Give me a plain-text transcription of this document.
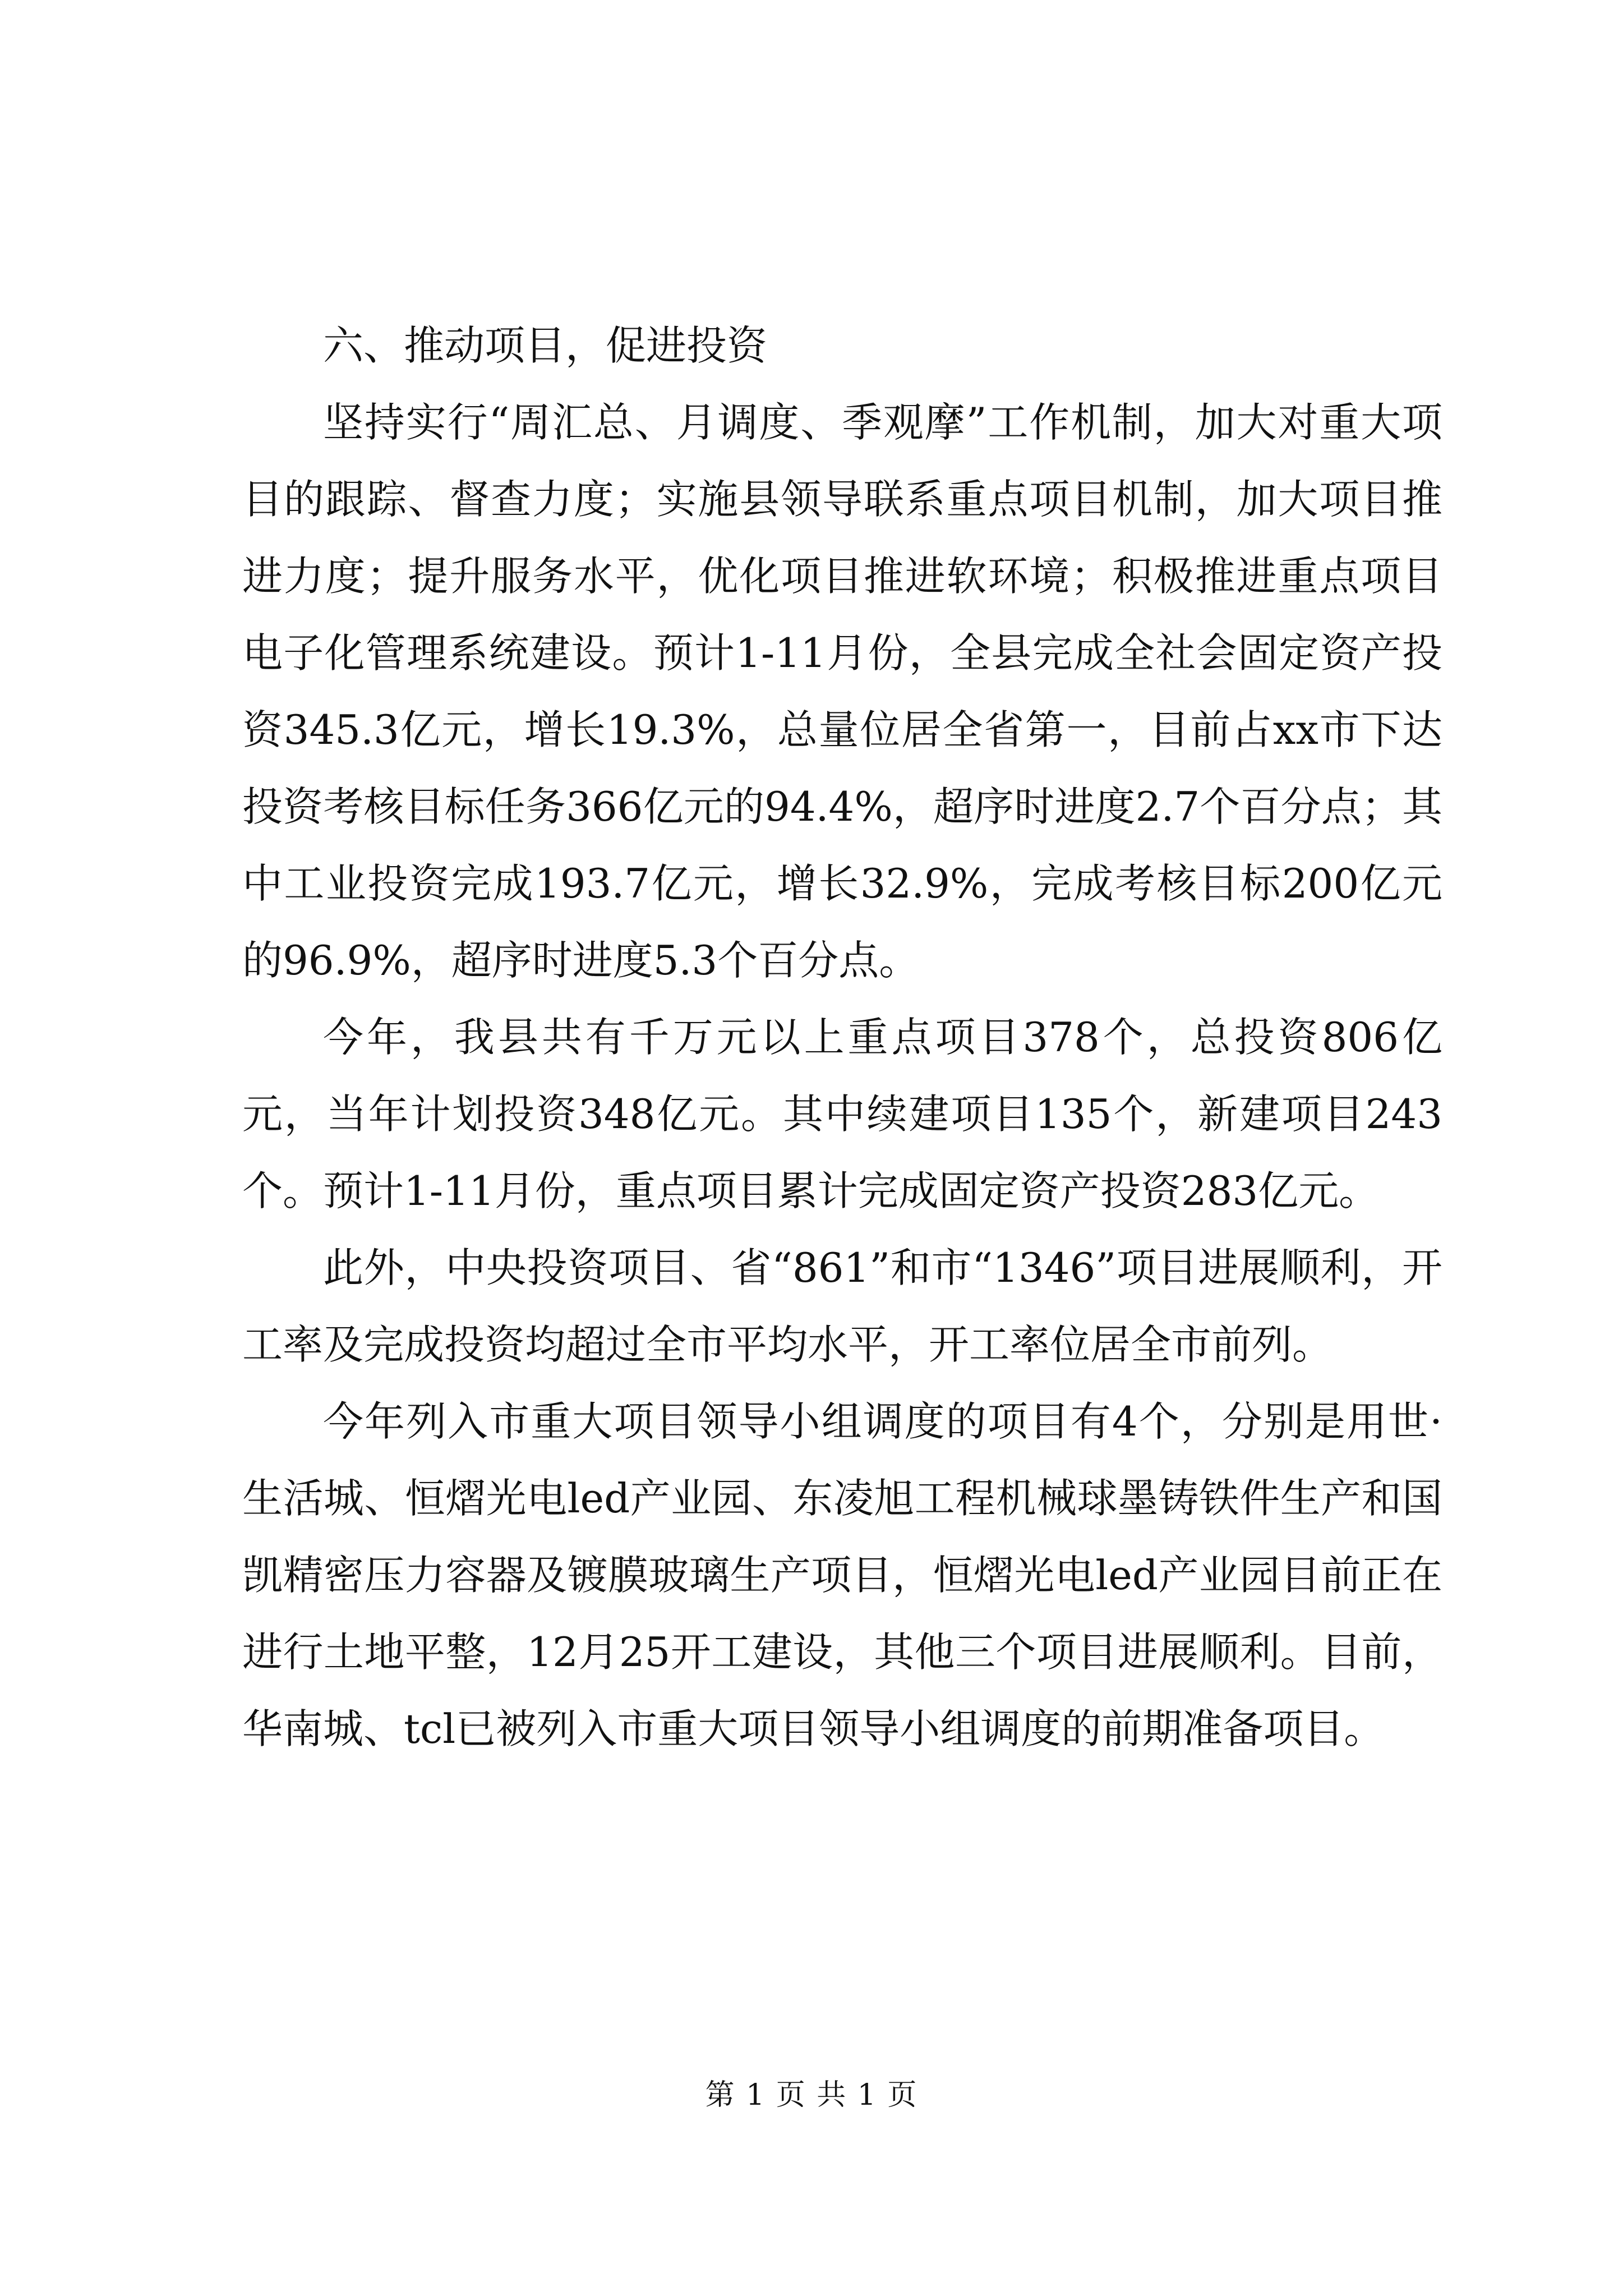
六、推动项目，促进投资

坚持实行“周汇总、月调度、季观摩”工作机制，加大对重大项目的跟踪、督查力度；实施县领导联系重点项目机制，加大项目推进力度；提升服务水平，优化项目推进软环境；积极推进重点项目电子化管理系统建设。预计1-11月份，全县完成全社会固定资产投资345.3亿元，增长19.3%，总量位居全省第一，目前占xx市下达投资考核目标任务366亿元的94.4%，超序时进度2.7个百分点；其中工业投资完成193.7亿元，增长32.9%，完成考核目标200亿元的96.9%，超序时进度5.3个百分点。

今年，我县共有千万元以上重点项目378个，总投资806亿元，当年计划投资348亿元。其中续建项目135个，新建项目243个。预计1-11月份，重点项目累计完成固定资产投资283亿元。

此外，中央投资项目、省“861”和市“1346”项目进展顺利，开工率及完成投资均超过全市平均水平，开工率位居全市前列。

今年列入市重大项目领导小组调度的项目有4个，分别是用世·生活城、恒熠光电led产业园、东凌旭工程机械球墨铸铁件生产和国凯精密压力容器及镀膜玻璃生产项目，恒熠光电led产业园目前正在进行土地平整，12月25开工建设，其他三个项目进展顺利。目前，华南城、tcl已被列入市重大项目领导小组调度的前期准备项目。

第 1 页 共 1 页
